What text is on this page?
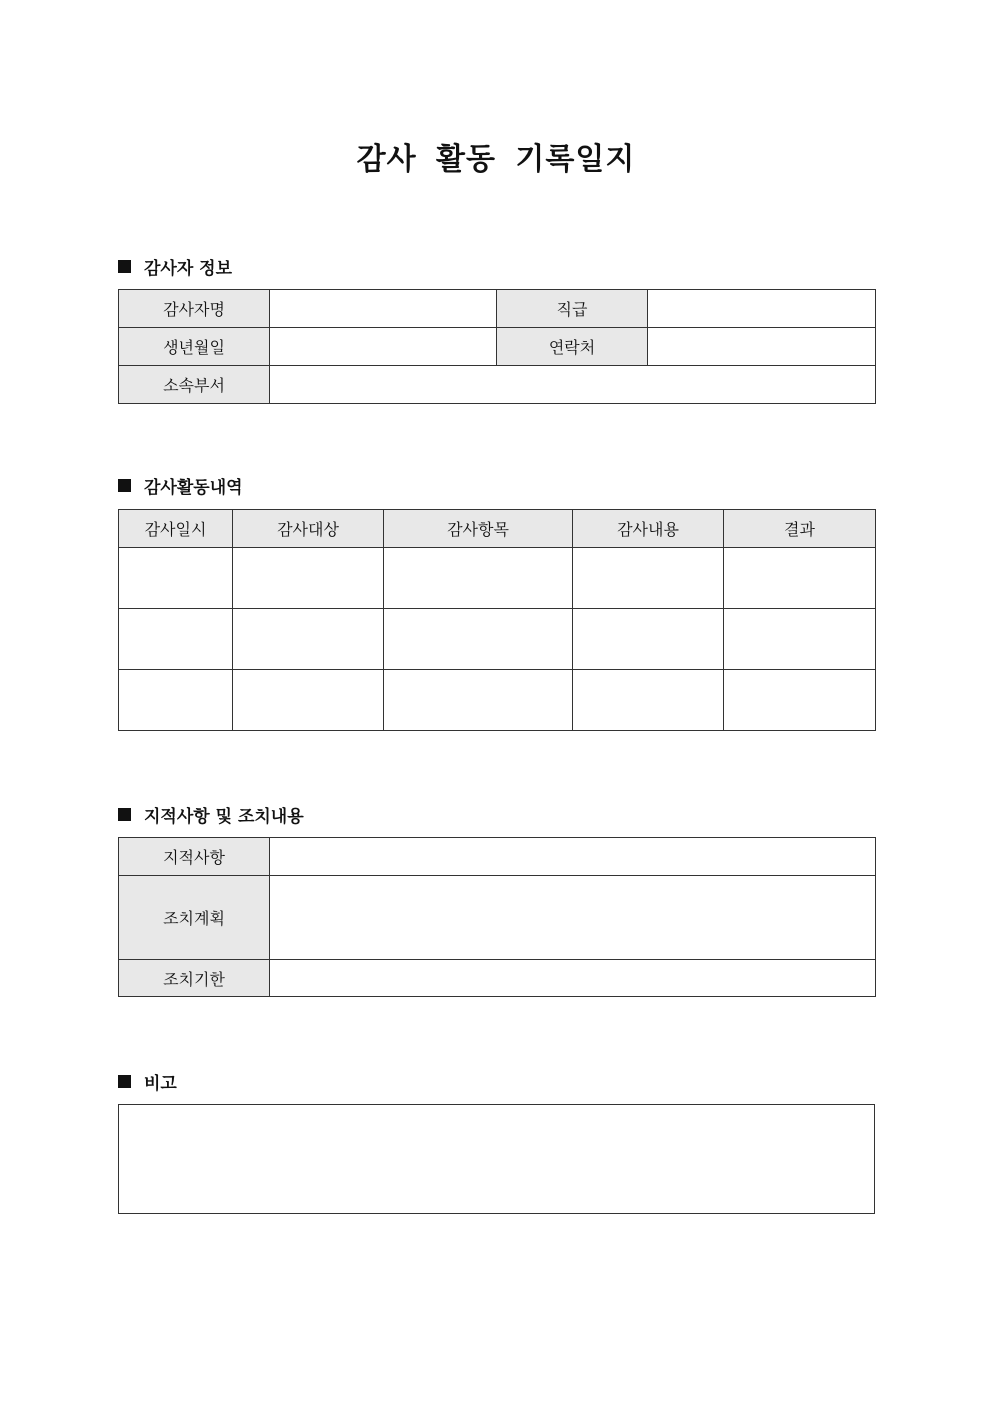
감사 활동 기록일지
감사자 정보
감사자명		직급	
생년월일		연락처	
소속부서			
감사활동내역
감사일시	감사대상	감사항목	감사내용	결과

지적사항 및 조치내용
지적사항	
조치계획	
조치기한	
비고
